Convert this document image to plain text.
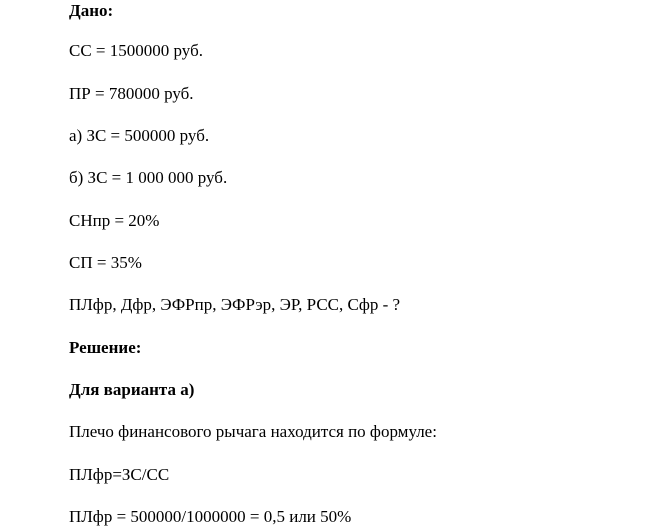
Дано:
СС = 1500000 руб.
ПР = 780000 руб.
а) ЗС = 500000 руб.
б) ЗС = 1 000 000 руб.
СНпр = 20%
СП = 35%
ПЛфр, Дфр, ЭФРпр, ЭФРэр, ЭР, РСС, Сфр - ?
Решение:
Для варианта а)
Плечо финансового рычага находится по формуле:
ПЛфр=ЗС/СС
ПЛфр = 500000/1000000 = 0,5 или 50%
